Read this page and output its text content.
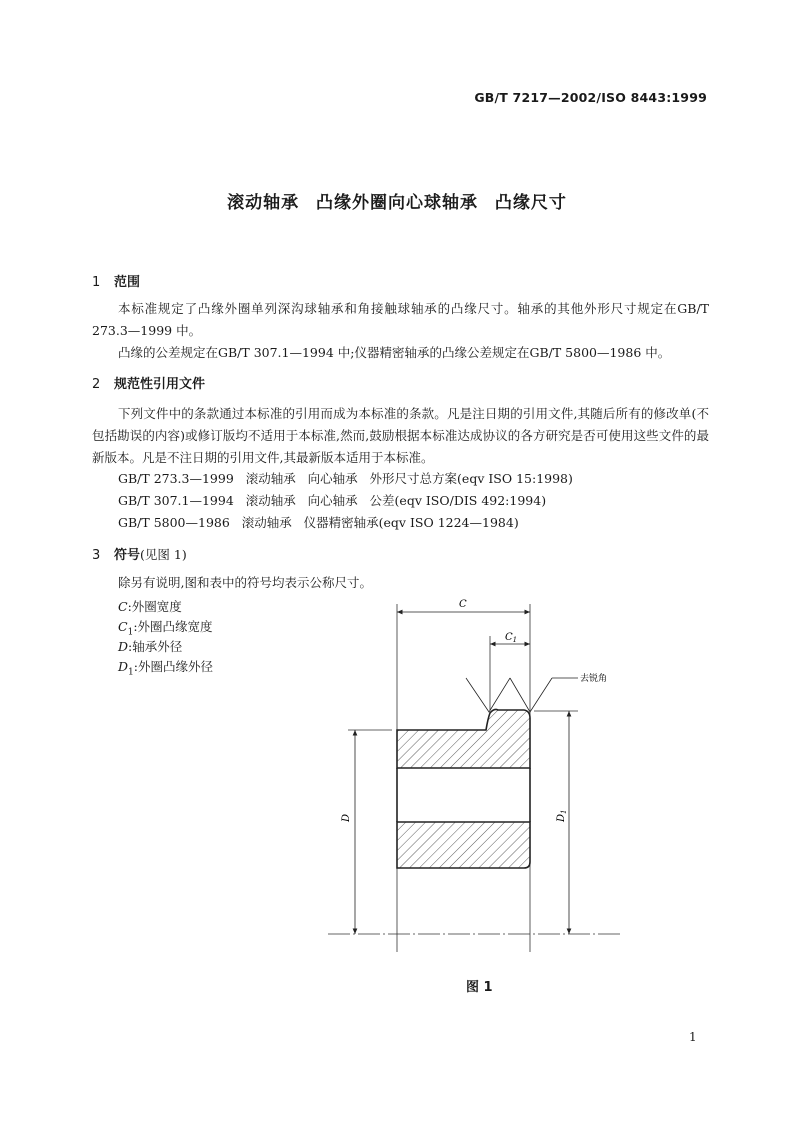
GB/T 7217—2002/ISO 8443:1999
滚动轴承 凸缘外圈向心球轴承 凸缘尺寸
1 范围
本标准规定了凸缘外圈单列深沟球轴承和角接触球轴承的凸缘尺寸。轴承的其他外形尺寸规定在GB/T 273.3—1999 中。
凸缘的公差规定在GB/T 307.1—1994 中;仪器精密轴承的凸缘公差规定在GB/T 5800—1986 中。
2 规范性引用文件
下列文件中的条款通过本标准的引用而成为本标准的条款。凡是注日期的引用文件,其随后所有的修改单(不包括勘误的内容)或修订版均不适用于本标准,然而,鼓励根据本标准达成协议的各方研究是否可使用这些文件的最新版本。凡是不注日期的引用文件,其最新版本适用于本标准。
GB/T 273.3—1999   滚动轴承   向心轴承   外形尺寸总方案(eqv ISO 15:1998)
GB/T 307.1—1994   滚动轴承   向心轴承   公差(eqv ISO/DIS 492:1994)
GB/T 5800—1986   滚动轴承   仪器精密轴承(eqv ISO 1224—1984)
3 符号(见图 1)
除另有说明,图和表中的符号均表示公称尺寸。
C:外圈宽度
$C_1$:外圈凸缘宽度
D:轴承外径
$D_1$:外圈凸缘外径
C
$C_1$
D	$D_1$
去锐角
图 1
1
